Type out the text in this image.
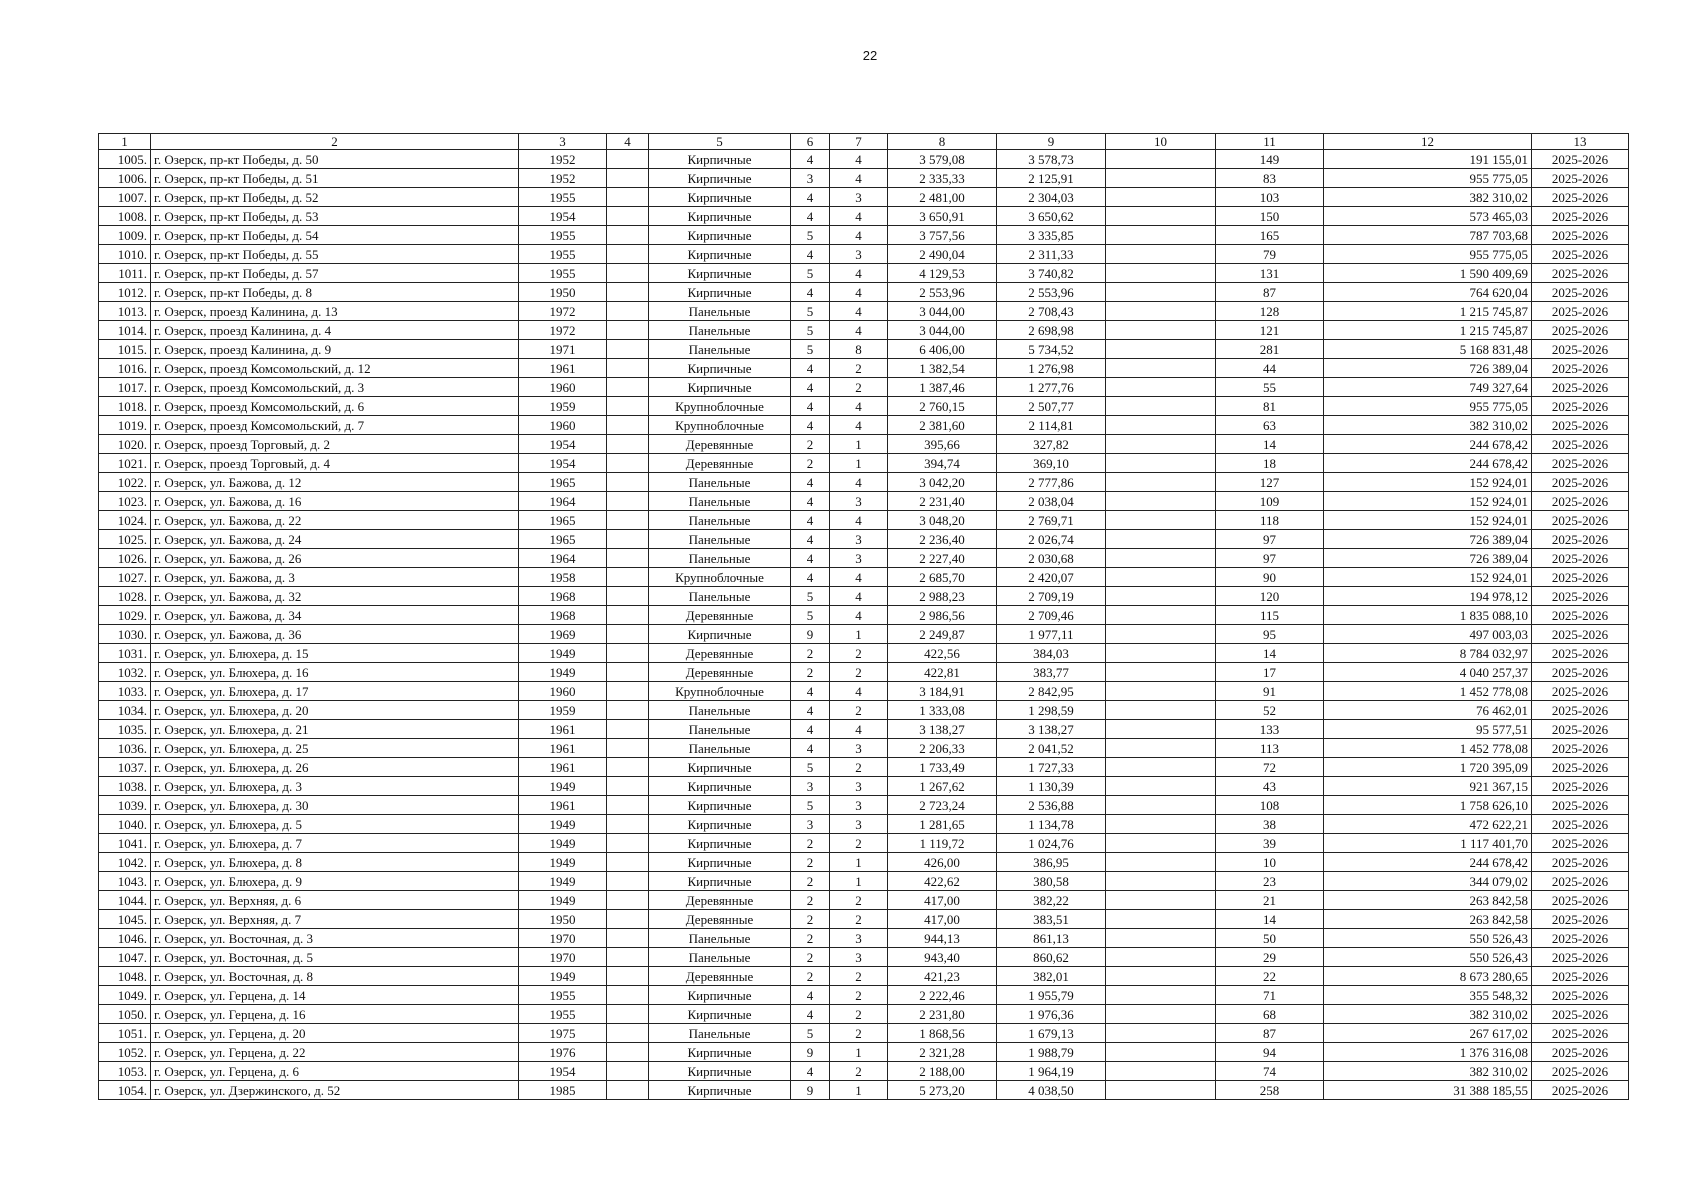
22
1	2	3	4	5	6	7	8	9	10	11	12	13
1005.	г. Озерск, пр-кт Победы, д. 50	1952		Кирпичные	4	4	3 579,08	3 578,73		149	191 155,01	2025-2026
1006.	г. Озерск, пр-кт Победы, д. 51	1952		Кирпичные	3	4	2 335,33	2 125,91		83	955 775,05	2025-2026
1007.	г. Озерск, пр-кт Победы, д. 52	1955		Кирпичные	4	3	2 481,00	2 304,03		103	382 310,02	2025-2026
1008.	г. Озерск, пр-кт Победы, д. 53	1954		Кирпичные	4	4	3 650,91	3 650,62		150	573 465,03	2025-2026
1009.	г. Озерск, пр-кт Победы, д. 54	1955		Кирпичные	5	4	3 757,56	3 335,85		165	787 703,68	2025-2026
1010.	г. Озерск, пр-кт Победы, д. 55	1955		Кирпичные	4	3	2 490,04	2 311,33		79	955 775,05	2025-2026
1011.	г. Озерск, пр-кт Победы, д. 57	1955		Кирпичные	5	4	4 129,53	3 740,82		131	1 590 409,69	2025-2026
1012.	г. Озерск, пр-кт Победы, д. 8	1950		Кирпичные	4	4	2 553,96	2 553,96		87	764 620,04	2025-2026
1013.	г. Озерск, проезд Калинина, д. 13	1972		Панельные	5	4	3 044,00	2 708,43		128	1 215 745,87	2025-2026
1014.	г. Озерск, проезд Калинина, д. 4	1972		Панельные	5	4	3 044,00	2 698,98		121	1 215 745,87	2025-2026
1015.	г. Озерск, проезд Калинина, д. 9	1971		Панельные	5	8	6 406,00	5 734,52		281	5 168 831,48	2025-2026
1016.	г. Озерск, проезд Комсомольский, д. 12	1961		Кирпичные	4	2	1 382,54	1 276,98		44	726 389,04	2025-2026
1017.	г. Озерск, проезд Комсомольский, д. 3	1960		Кирпичные	4	2	1 387,46	1 277,76		55	749 327,64	2025-2026
1018.	г. Озерск, проезд Комсомольский, д. 6	1959		Крупноблочные	4	4	2 760,15	2 507,77		81	955 775,05	2025-2026
1019.	г. Озерск, проезд Комсомольский, д. 7	1960		Крупноблочные	4	4	2 381,60	2 114,81		63	382 310,02	2025-2026
1020.	г. Озерск, проезд Торговый, д. 2	1954		Деревянные	2	1	395,66	327,82		14	244 678,42	2025-2026
1021.	г. Озерск, проезд Торговый, д. 4	1954		Деревянные	2	1	394,74	369,10		18	244 678,42	2025-2026
1022.	г. Озерск, ул. Бажова, д. 12	1965		Панельные	4	4	3 042,20	2 777,86		127	152 924,01	2025-2026
1023.	г. Озерск, ул. Бажова, д. 16	1964		Панельные	4	3	2 231,40	2 038,04		109	152 924,01	2025-2026
1024.	г. Озерск, ул. Бажова, д. 22	1965		Панельные	4	4	3 048,20	2 769,71		118	152 924,01	2025-2026
1025.	г. Озерск, ул. Бажова, д. 24	1965		Панельные	4	3	2 236,40	2 026,74		97	726 389,04	2025-2026
1026.	г. Озерск, ул. Бажова, д. 26	1964		Панельные	4	3	2 227,40	2 030,68		97	726 389,04	2025-2026
1027.	г. Озерск, ул. Бажова, д. 3	1958		Крупноблочные	4	4	2 685,70	2 420,07		90	152 924,01	2025-2026
1028.	г. Озерск, ул. Бажова, д. 32	1968		Панельные	5	4	2 988,23	2 709,19		120	194 978,12	2025-2026
1029.	г. Озерск, ул. Бажова, д. 34	1968		Деревянные	5	4	2 986,56	2 709,46		115	1 835 088,10	2025-2026
1030.	г. Озерск, ул. Бажова, д. 36	1969		Кирпичные	9	1	2 249,87	1 977,11		95	497 003,03	2025-2026
1031.	г. Озерск, ул. Блюхера, д. 15	1949		Деревянные	2	2	422,56	384,03		14	8 784 032,97	2025-2026
1032.	г. Озерск, ул. Блюхера, д. 16	1949		Деревянные	2	2	422,81	383,77		17	4 040 257,37	2025-2026
1033.	г. Озерск, ул. Блюхера, д. 17	1960		Крупноблочные	4	4	3 184,91	2 842,95		91	1 452 778,08	2025-2026
1034.	г. Озерск, ул. Блюхера, д. 20	1959		Панельные	4	2	1 333,08	1 298,59		52	76 462,01	2025-2026
1035.	г. Озерск, ул. Блюхера, д. 21	1961		Панельные	4	4	3 138,27	3 138,27		133	95 577,51	2025-2026
1036.	г. Озерск, ул. Блюхера, д. 25	1961		Панельные	4	3	2 206,33	2 041,52		113	1 452 778,08	2025-2026
1037.	г. Озерск, ул. Блюхера, д. 26	1961		Кирпичные	5	2	1 733,49	1 727,33		72	1 720 395,09	2025-2026
1038.	г. Озерск, ул. Блюхера, д. 3	1949		Кирпичные	3	3	1 267,62	1 130,39		43	921 367,15	2025-2026
1039.	г. Озерск, ул. Блюхера, д. 30	1961		Кирпичные	5	3	2 723,24	2 536,88		108	1 758 626,10	2025-2026
1040.	г. Озерск, ул. Блюхера, д. 5	1949		Кирпичные	3	3	1 281,65	1 134,78		38	472 622,21	2025-2026
1041.	г. Озерск, ул. Блюхера, д. 7	1949		Кирпичные	2	2	1 119,72	1 024,76		39	1 117 401,70	2025-2026
1042.	г. Озерск, ул. Блюхера, д. 8	1949		Кирпичные	2	1	426,00	386,95		10	244 678,42	2025-2026
1043.	г. Озерск, ул. Блюхера, д. 9	1949		Кирпичные	2	1	422,62	380,58		23	344 079,02	2025-2026
1044.	г. Озерск, ул. Верхняя, д. 6	1949		Деревянные	2	2	417,00	382,22		21	263 842,58	2025-2026
1045.	г. Озерск, ул. Верхняя, д. 7	1950		Деревянные	2	2	417,00	383,51		14	263 842,58	2025-2026
1046.	г. Озерск, ул. Восточная, д. 3	1970		Панельные	2	3	944,13	861,13		50	550 526,43	2025-2026
1047.	г. Озерск, ул. Восточная, д. 5	1970		Панельные	2	3	943,40	860,62		29	550 526,43	2025-2026
1048.	г. Озерск, ул. Восточная, д. 8	1949		Деревянные	2	2	421,23	382,01		22	8 673 280,65	2025-2026
1049.	г. Озерск, ул. Герцена, д. 14	1955		Кирпичные	4	2	2 222,46	1 955,79		71	355 548,32	2025-2026
1050.	г. Озерск, ул. Герцена, д. 16	1955		Кирпичные	4	2	2 231,80	1 976,36		68	382 310,02	2025-2026
1051.	г. Озерск, ул. Герцена, д. 20	1975		Панельные	5	2	1 868,56	1 679,13		87	267 617,02	2025-2026
1052.	г. Озерск, ул. Герцена, д. 22	1976		Кирпичные	9	1	2 321,28	1 988,79		94	1 376 316,08	2025-2026
1053.	г. Озерск, ул. Герцена, д. 6	1954		Кирпичные	4	2	2 188,00	1 964,19		74	382 310,02	2025-2026
1054.	г. Озерск, ул. Дзержинского, д. 52	1985		Кирпичные	9	1	5 273,20	4 038,50		258	31 388 185,55	2025-2026
